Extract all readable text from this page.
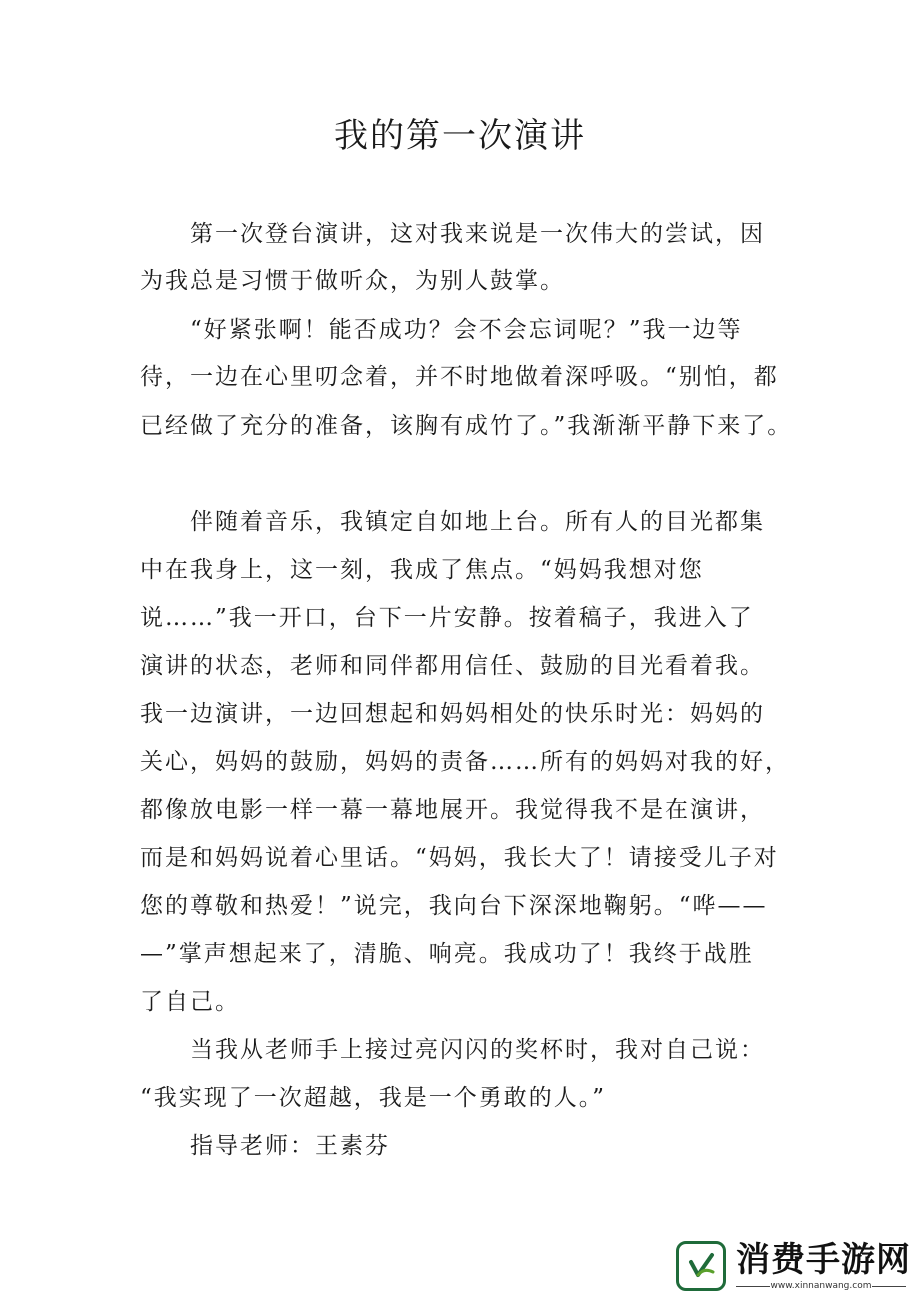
我的第一次演讲
第一次登台演讲，这对我来说是一次伟大的尝试，因
为我总是习惯于做听众，为别人鼓掌。
“好紧张啊！能否成功？会不会忘词呢？”我一边等
待，一边在心里叨念着，并不时地做着深呼吸。“别怕，都
已经做了充分的准备，该胸有成竹了。”我渐渐平静下来了。
伴随着音乐，我镇定自如地上台。所有人的目光都集
中在我身上，这一刻，我成了焦点。“妈妈我想对您
说……”我一开口，台下一片安静。按着稿子，我进入了
演讲的状态，老师和同伴都用信任、鼓励的目光看着我。
我一边演讲，一边回想起和妈妈相处的快乐时光：妈妈的
关心，妈妈的鼓励，妈妈的责备……所有的妈妈对我的好，
都像放电影一样一幕一幕地展开。我觉得我不是在演讲，
而是和妈妈说着心里话。“妈妈，我长大了！请接受儿子对
您的尊敬和热爱！”说完，我向台下深深地鞠躬。“哗——
—”掌声想起来了，清脆、响亮。我成功了！我终于战胜
了自己。
当我从老师手上接过亮闪闪的奖杯时，我对自己说：
“我实现了一次超越，我是一个勇敢的人。”
指导老师：王素芬
消费手游网
www.xinnanwang.com
